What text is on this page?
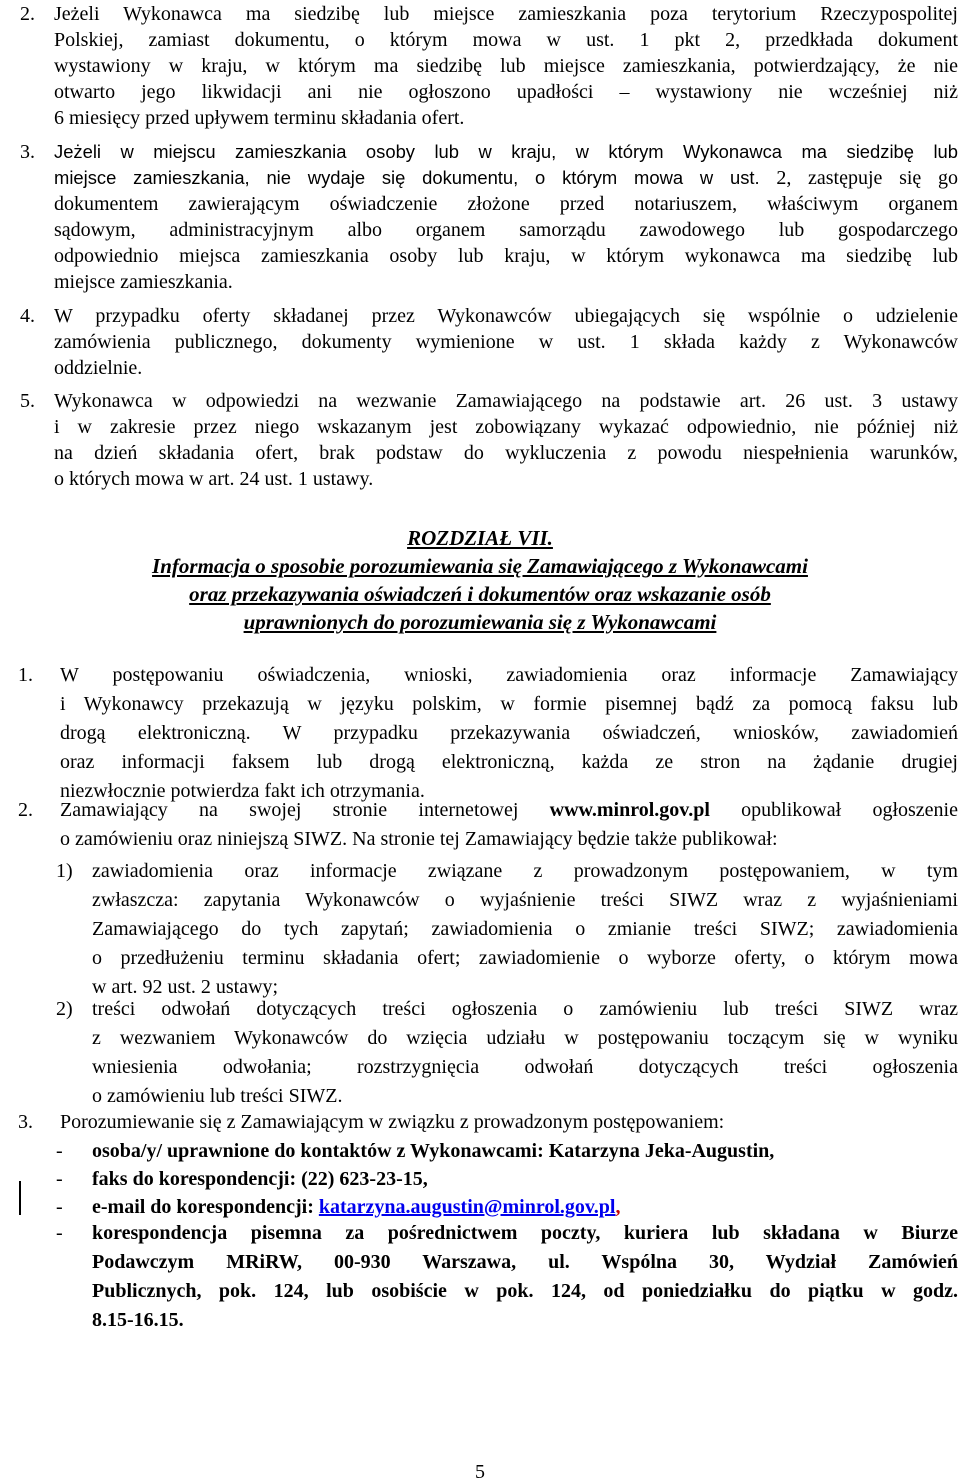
2. Jeżeli Wykonawca ma siedzibę lub miejsce zamieszkania poza terytorium Rzeczypospolitej
Polskiej, zamiast dokumentu, o którym mowa w ust. 1 pkt 2, przedkłada dokument
wystawiony w kraju, w którym ma siedzibę lub miejsce zamieszkania, potwierdzający, że nie
otwarto jego likwidacji ani nie ogłoszono upadłości – wystawiony nie wcześniej niż
6 miesięcy przed upływem terminu składania ofert.
3. Jeżeli w miejscu zamieszkania osoby lub w kraju, w którym Wykonawca ma siedzibę lub
miejsce zamieszkania, nie wydaje się dokumentu, o którym mowa w ust. 2, zastępuje się go
dokumentem zawierającym oświadczenie złożone przed notariuszem, właściwym organem
sądowym, administracyjnym albo organem samorządu zawodowego lub gospodarczego
odpowiednio miejsca zamieszkania osoby lub kraju, w którym wykonawca ma siedzibę lub
miejsce zamieszkania.
4. W przypadku oferty składanej przez Wykonawców ubiegających się wspólnie o udzielenie
zamówienia publicznego, dokumenty wymienione w ust. 1 składa każdy z Wykonawców
oddzielnie.
5. Wykonawca w odpowiedzi na wezwanie Zamawiającego na podstawie art. 26 ust. 3 ustawy
i w zakresie przez niego wskazanym jest zobowiązany wykazać odpowiednio, nie później niż
na dzień składania ofert, brak podstaw do wykluczenia z powodu niespełnienia warunków,
o których mowa w art. 24 ust. 1 ustawy.
ROZDZIAŁ VII.
Informacja o sposobie porozumiewania się Zamawiającego z Wykonawcami
oraz przekazywania oświadczeń i dokumentów oraz wskazanie osób
uprawnionych do porozumiewania się z Wykonawcami
1. W postępowaniu oświadczenia, wnioski, zawiadomienia oraz informacje Zamawiający
i Wykonawcy przekazują w języku polskim, w formie pisemnej bądź za pomocą faksu lub
drogą elektroniczną. W przypadku przekazywania oświadczeń, wniosków, zawiadomień
oraz informacji faksem lub drogą elektroniczną, każda ze stron na żądanie drugiej
niezwłocznie potwierdza fakt ich otrzymania.
2. Zamawiający na swojej stronie internetowej www.minrol.gov.pl opublikował ogłoszenie
o zamówieniu oraz niniejszą SIWZ. Na stronie tej Zamawiający będzie także publikował:
1) zawiadomienia oraz informacje związane z prowadzonym postępowaniem, w tym
zwłaszcza: zapytania Wykonawców o wyjaśnienie treści SIWZ wraz z wyjaśnieniami
Zamawiającego do tych zapytań; zawiadomienia o zmianie treści SIWZ; zawiadomienia
o przedłużeniu terminu składania ofert; zawiadomienie o wyborze oferty, o którym mowa
w art. 92 ust. 2 ustawy;
2) treści odwołań dotyczących treści ogłoszenia o zamówieniu lub treści SIWZ wraz
z wezwaniem Wykonawców do wzięcia udziału w postępowaniu toczącym się w wyniku
wniesienia odwołania; rozstrzygnięcia odwołań dotyczących treści ogłoszenia
o zamówieniu lub treści SIWZ.
3. Porozumiewanie się z Zamawiającym w związku z prowadzonym postępowaniem:
- osoba/y/ uprawnione do kontaktów z Wykonawcami: Katarzyna Jeka-Augustin,
- faks do korespondencji: (22) 623-23-15,
- e-mail do korespondencji: katarzyna.augustin@minrol.gov.pl,
- korespondencja pisemna za pośrednictwem poczty, kuriera lub składana w Biurze
Podawczym MRiRW, 00-930 Warszawa, ul. Wspólna 30, Wydział Zamówień
Publicznych, pok. 124, lub osobiście w pok. 124, od poniedziałku do piątku w godz.
8.15-16.15.
5
